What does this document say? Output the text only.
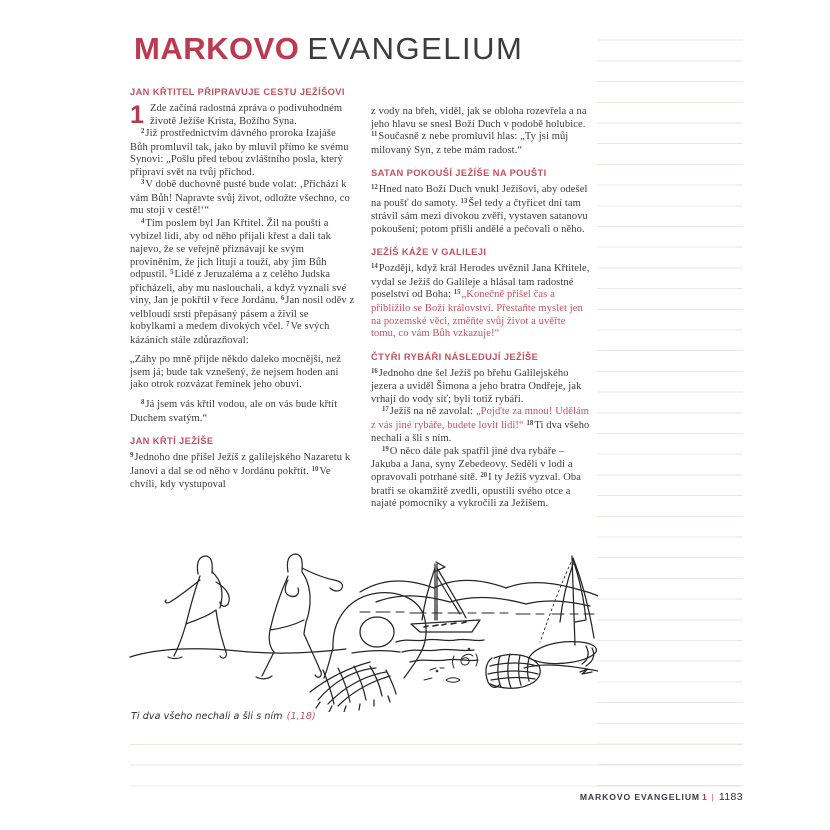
MARKOVO EVANGELIUM
JAN KŘTITEL PŘIPRAVUJE CESTU JEŽÍŠOVI

1 Zde začíná radostná zpráva o podivuhodném životě Ježíše Krista, Božího Syna.

$^2$Již prostřednictvím dávného proroka Izajáše Bůh promluvil tak, jako by mluvil přímo ke svému Synovi: „Pošlu před tebou zvláštního posla, který připraví svět na tvůj příchod.

$^3$V době duchovně pusté bude volat: ‚Přichází k vám Bůh! Napravte svůj život, odložte všechno, co mu stojí v cestě!‘“

$^4$Tím poslem byl Jan Křtitel. Žil na poušti a vybízel lidi, aby od něho přijali křest a dali tak najevo, že se veřejně přiznávají ke svým proviněním, že jich litují a touží, aby jim Bůh odpustil. $^5$Lidé z Jeruzaléma a z celého Judska přicházeli, aby mu naslouchali, a když vyznali své viny, Jan je pokřtil v řece Jordánu. $^6$Jan nosil oděv z velbloudí srsti přepásaný pásem a živil se kobylkami a medem divokých včel. $^7$Ve svých kázáních stále zdůrazňoval:

„Záhy po mně přijde někdo daleko mocnější, než jsem já; bude tak vznešený, že nejsem hoden ani jako otrok rozvázat řemínek jeho obuvi.

$^8$Já jsem vás křtil vodou, ale on vás bude křtít Duchem svatým.“

JAN KŘTÍ JEŽÍŠE

$^9$Jednoho dne přišel Ježíš z galilejského Nazaretu k Janovi a dal se od něho v Jordánu pokřtít. $^{10}$Ve chvíli, kdy vystupoval

z vody na břeh, viděl, jak se obloha rozevřela a na jeho hlavu se snesl Boží Duch v podobě holubice. $^{11}$Současně z nebe promluvil hlas: „Ty jsi můj milovaný Syn, z tebe mám radost.“

SATAN POKOUŠÍ JEŽÍŠE NA POUŠTI

$^{12}$Hned nato Boží Duch vnukl Ježíšovi, aby odešel na poušť do samoty. $^{13}$Šel tedy a čtyřicet dní tam strávil sám mezi divokou zvěří, vystaven satanovu pokoušení; potom přišli andělé a pečovali o něho.

JEŽÍŠ KÁŽE V GALILEJI

$^{14}$Později, když král Herodes uvěznil Jana Křtitele, vydal se Ježíš do Galileje a hlásal tam radostné poselství od Boha: $^{15}$„Konečně přišel čas a přiblížilo se Boží království. Přestaňte myslet jen na pozemské věci, změňte svůj život a uvěřte tomu, co vám Bůh vzkazuje!“

ČTYŘI RYBÁŘI NÁSLEDUJÍ JEŽÍŠE

$^{16}$Jednoho dne šel Ježíš po břehu Galilejského jezera a uviděl Šimona a jeho bratra Ondřeje, jak vrhají do vody síť; byli totiž rybáři.

$^{17}$Ježíš na ně zavolal: „Pojďte za mnou! Udělám z vás jiné rybáře, budete lovit lidi!“ $^{18}$Ti dva všeho nechali a šli s ním.

$^{19}$O něco dále pak spatřil jiné dva rybáře – Jakuba a Jana, syny Zebedeovy. Seděli v lodi a opravovali potrhané sítě. $^{20}$I ty Ježíš vyzval. Oba bratři se okamžitě zvedli, opustili svého otce a najaté pomocníky a vykročili za Ježíšem.

Ti dva všeho nechali a šli s ním (1,18)
MARKOVO EVANGELIUM 1 | 1183
